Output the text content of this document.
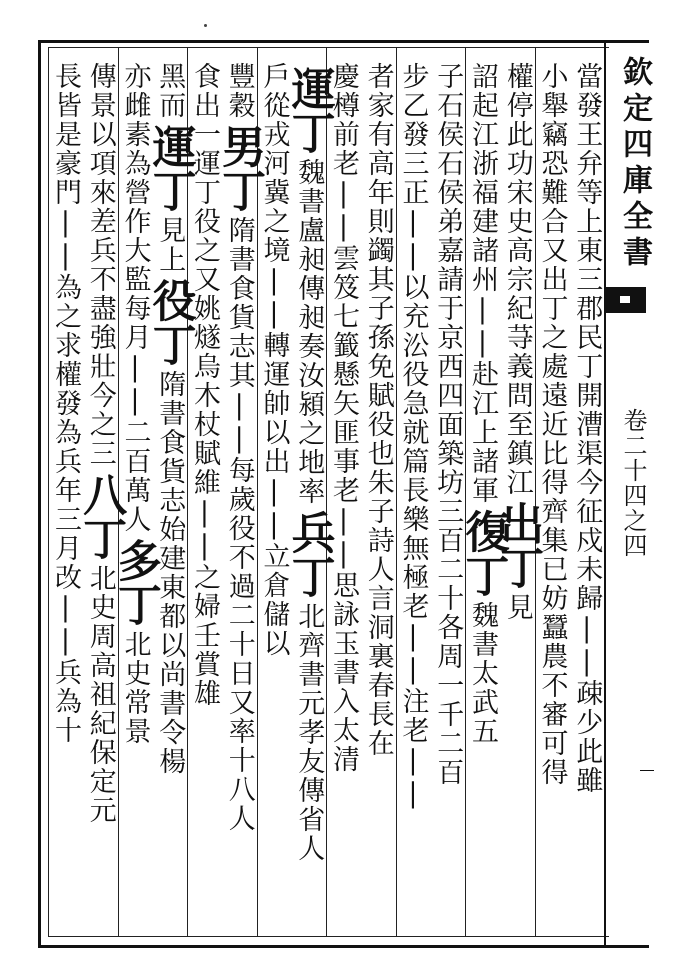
欽定四庫全書
卷二十四之四
當發王弁等上東三郡民丁開漕渠今征戍未歸||疎少此雖
小舉竊恐難合又出丁之處遠近比得齊集已妨蠶農不審可得
權停此功宋史高宗紀䒭義問至鎮江
出丁
見
詔起江浙福建諸州||赴江上諸軍
復丁
魏書太武五
子石侯石侯弟嘉請于京西四面築坊三百二十各周一千二百
步乙發三正||以充㳂役急就篇長樂無極老||注老||
者家有高年則蠲其子孫免賦役也朱子詩人言洞裏春長在
慶樽前老||雲笈七籖懸矢匪事老||思詠玉書入太清
運丁
魏書盧昶傳昶奏汝潁之地率
兵丁
北齊書元孝友傳省人
戶從戎河冀之境||轉運
帥以出||立倉儲以
豐
穀
男丁
隋書食貨志其||每歲役不過二十日又率十八人
食
出一運丁役之又姚燧烏木杖賦維||之婦壬賞雄
黑而
運丁
見上
役丁
隋書食貨志始建東都以尚書令楊
亦雌
素為營作大監每月||二百萬人
多丁
北史常景
傳景以項來差兵不盡強壯今之三
八丁
北史周高祖紀保定元
長皆是豪門||為之求權發為兵
年三月改||兵為十
